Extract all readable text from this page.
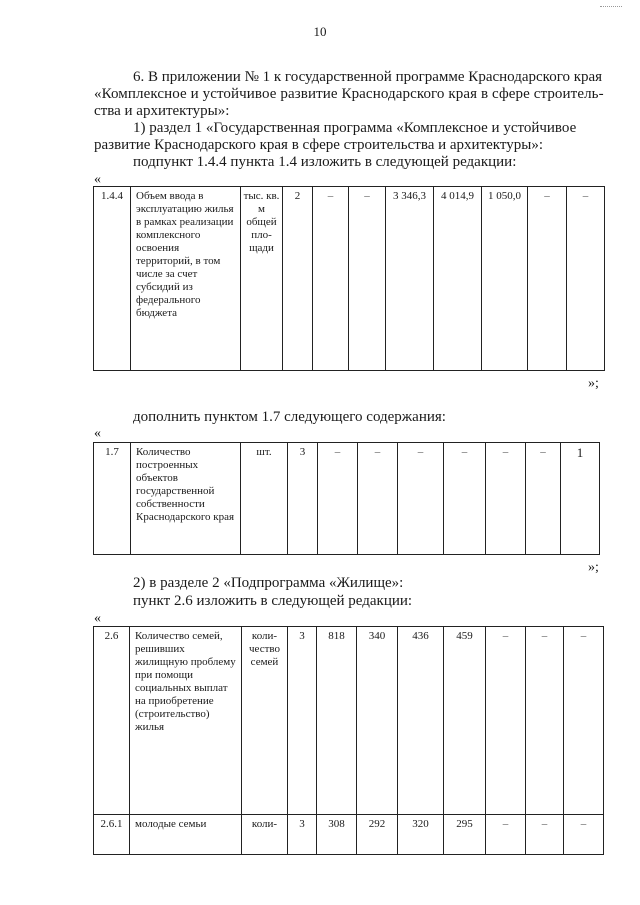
10
6. В приложении № 1 к государственной программе Краснодарского края
«Комплексное и устойчивое развитие Краснодарского края в сфере строитель-
ства и архитектуры»:
1) раздел 1 «Государственная программа «Комплексное и устойчивое
развитие Краснодарского края в сфере строительства и архитектуры»:
подпункт 1.4.4 пункта 1.4 изложить в следующей редакции:
«
1.4.4	Объем ввода в эксплуатацию жилья в рамках реализации комплексного освоения территорий, в том числе за счет субсидий из федерального бюджета	тыс. кв. м общей пло-щади	2	–	–	3 346,3	4 014,9	1 050,0	–	–
»;
дополнить пунктом 1.7 следующего содержания:
«
1.7	Количество построенных объектов государственной собственности Краснодарского края	шт.	3	–	–	–	–	–	–	1
»;
2) в разделе 2 «Подпрограмма «Жилище»:
пункт 2.6 изложить в следующей редакции:
«
2.6	Количество семей, решивших жилищную проблему при помощи социальных выплат на приобретение (строительство) жилья	коли-чество семей	3	818	340	436	459	–	–	–
2.6.1	молодые семьи	коли-	3	308	292	320	295	–	–	–
